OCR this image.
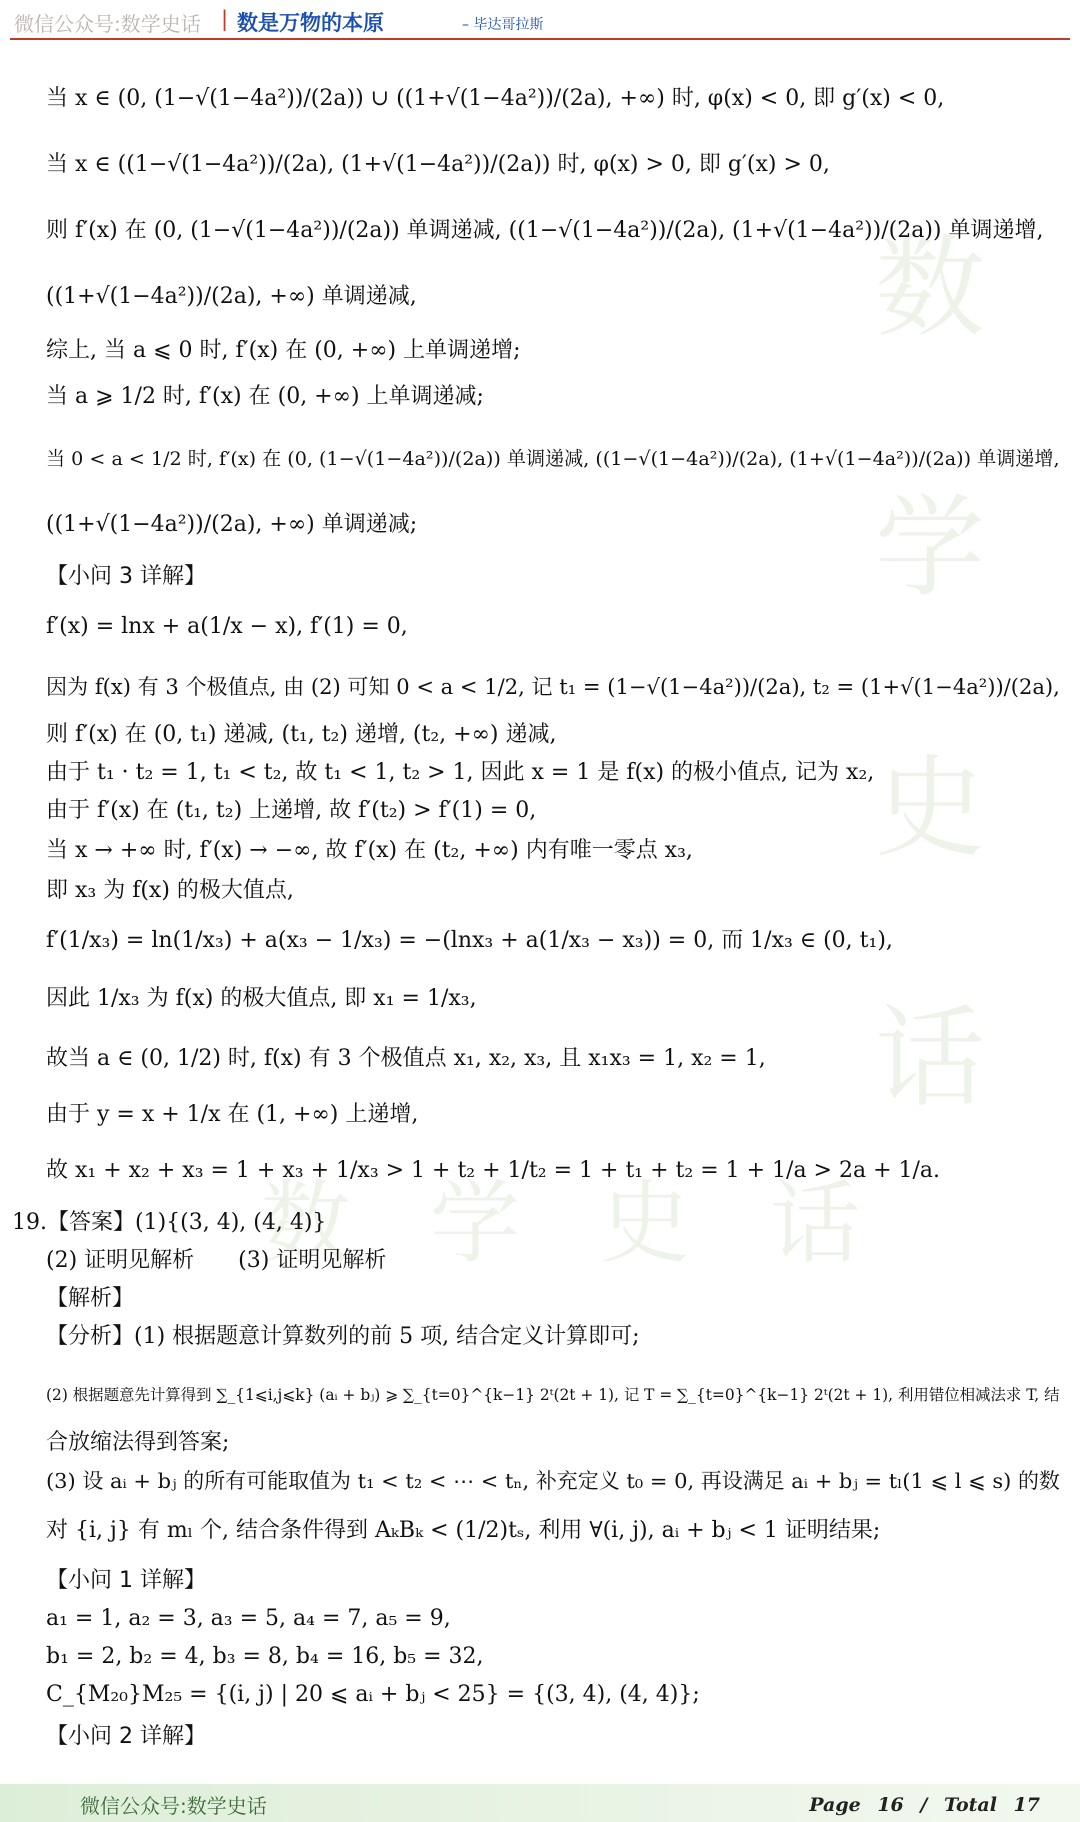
微信公众号:数学史话 | 数是万物的本原	– 毕达哥拉斯
数
学
史
话
数 学 史 话
当 x ∈ (0, (1−√(1−4a²))/(2a)) ∪ ((1+√(1−4a²))/(2a), +∞) 时, φ(x) < 0, 即 g′(x) < 0,
当 x ∈ ((1−√(1−4a²))/(2a), (1+√(1−4a²))/(2a)) 时, φ(x) > 0, 即 g′(x) > 0,
则 f′(x) 在 (0, (1−√(1−4a²))/(2a)) 单调递减, ((1−√(1−4a²))/(2a), (1+√(1−4a²))/(2a)) 单调递增,
((1+√(1−4a²))/(2a), +∞) 单调递减,
综上, 当 a ⩽ 0 时, f′(x) 在 (0, +∞) 上单调递增;
当 a ⩾ 1/2 时, f′(x) 在 (0, +∞) 上单调递减;
当 0 < a < 1/2 时, f′(x) 在 (0, (1−√(1−4a²))/(2a)) 单调递减, ((1−√(1−4a²))/(2a), (1+√(1−4a²))/(2a)) 单调递增,
((1+√(1−4a²))/(2a), +∞) 单调递减;
【小问 3 详解】
f′(x) = lnx + a(1/x − x), f′(1) = 0,
因为 f(x) 有 3 个极值点, 由 (2) 可知 0 < a < 1/2, 记 t₁ = (1−√(1−4a²))/(2a), t₂ = (1+√(1−4a²))/(2a),
则 f′(x) 在 (0, t₁) 递减, (t₁, t₂) 递增, (t₂, +∞) 递减,
由于 t₁ · t₂ = 1, t₁ < t₂, 故 t₁ < 1, t₂ > 1, 因此 x = 1 是 f(x) 的极小值点, 记为 x₂,
由于 f′(x) 在 (t₁, t₂) 上递增, 故 f′(t₂) > f′(1) = 0,
当 x → +∞ 时, f′(x) → −∞, 故 f′(x) 在 (t₂, +∞) 内有唯一零点 x₃,
即 x₃ 为 f(x) 的极大值点,
f′(1/x₃) = ln(1/x₃) + a(x₃ − 1/x₃) = −(lnx₃ + a(1/x₃ − x₃)) = 0, 而 1/x₃ ∈ (0, t₁),
因此 1/x₃ 为 f(x) 的极大值点, 即 x₁ = 1/x₃,
故当 a ∈ (0, 1/2) 时, f(x) 有 3 个极值点 x₁, x₂, x₃, 且 x₁x₃ = 1, x₂ = 1,
由于 y = x + 1/x 在 (1, +∞) 上递增,
故 x₁ + x₂ + x₃ = 1 + x₃ + 1/x₃ > 1 + t₂ + 1/t₂ = 1 + t₁ + t₂ = 1 + 1/a > 2a + 1/a.
19.【答案】(1){(3, 4), (4, 4)}
(2) 证明见解析　　(3) 证明见解析
【解析】
【分析】(1) 根据题意计算数列的前 5 项, 结合定义计算即可;
(2) 根据题意先计算得到 ∑_{1⩽i,j⩽k} (aᵢ + bⱼ) ⩾ ∑_{t=0}^{k−1} 2ᵗ(2t + 1), 记 T = ∑_{t=0}^{k−1} 2ᵗ(2t + 1), 利用错位相减法求 T, 结
合放缩法得到答案;
(3) 设 aᵢ + bⱼ 的所有可能取值为 t₁ < t₂ < ⋯ < tₙ, 补充定义 t₀ = 0, 再设满足 aᵢ + bⱼ = tₗ(1 ⩽ l ⩽ s) 的数
对 {i, j} 有 mₗ 个, 结合条件得到 AₖBₖ < (1/2)tₛ, 利用 ∀(i, j), aᵢ + bⱼ < 1 证明结果;
【小问 1 详解】
a₁ = 1, a₂ = 3, a₃ = 5, a₄ = 7, a₅ = 9,
b₁ = 2, b₂ = 4, b₃ = 8, b₄ = 16, b₅ = 32,
C_{M₂₀}M₂₅ = {(i, j) | 20 ⩽ aᵢ + bⱼ < 25} = {(3, 4), (4, 4)};
【小问 2 详解】
微信公众号:数学史话	Page 16 / Total 17
